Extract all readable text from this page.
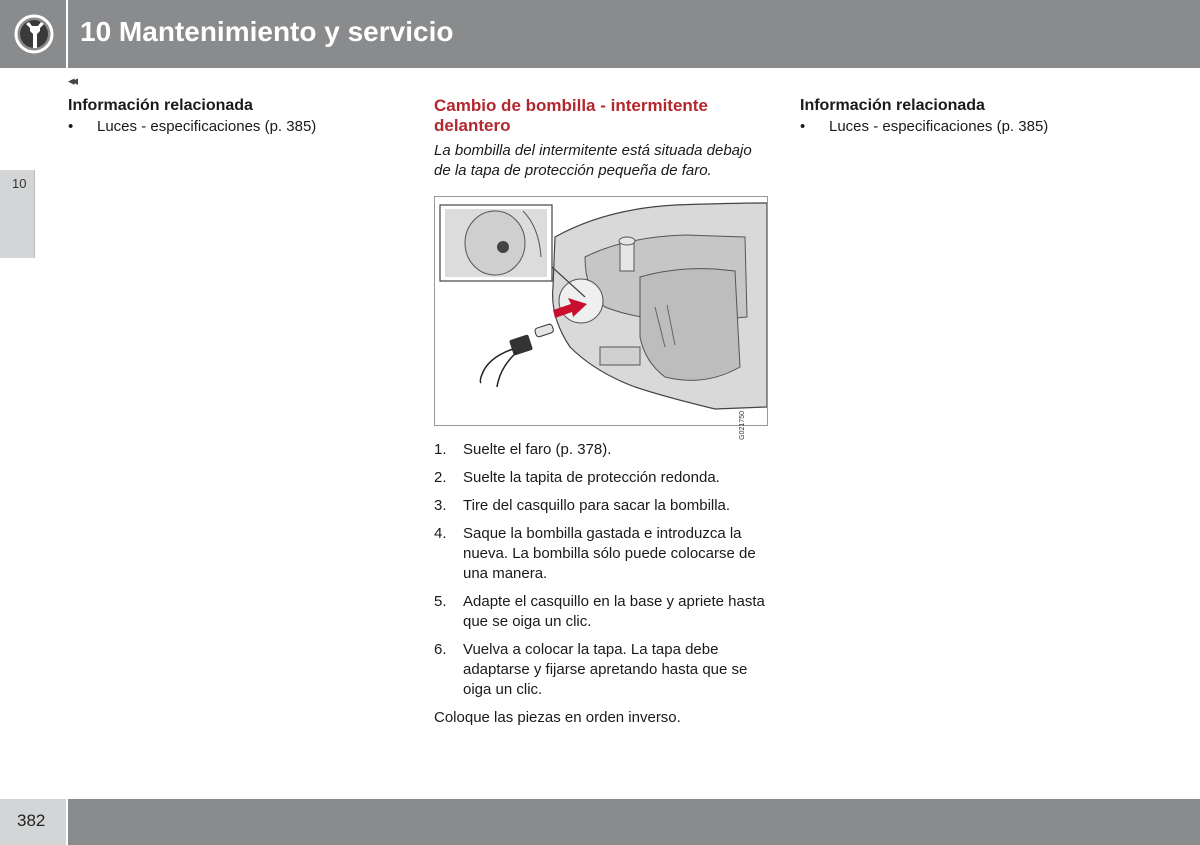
10 Mantenimiento y servicio
◂◂
10
Información relacionada
•	Luces - especificaciones (p. 385)
Cambio de bombilla - intermitente delantero
La bombilla del intermitente está situada debajo de la tapa de protección pequeña de faro.
G021750
1.	Suelte el faro (p. 378).
2.	Suelte la tapita de protección redonda.
3.	Tire del casquillo para sacar la bombilla.
4.	Saque la bombilla gastada e introduzca la nueva. La bombilla sólo puede colocarse de una manera.
5.	Adapte el casquillo en la base y apriete hasta que se oiga un clic.
6.	Vuelva a colocar la tapa. La tapa debe adaptarse y fijarse apretando hasta que se oiga un clic.
Coloque las piezas en orden inverso.
Información relacionada
•	Luces - especificaciones (p. 385)
382
